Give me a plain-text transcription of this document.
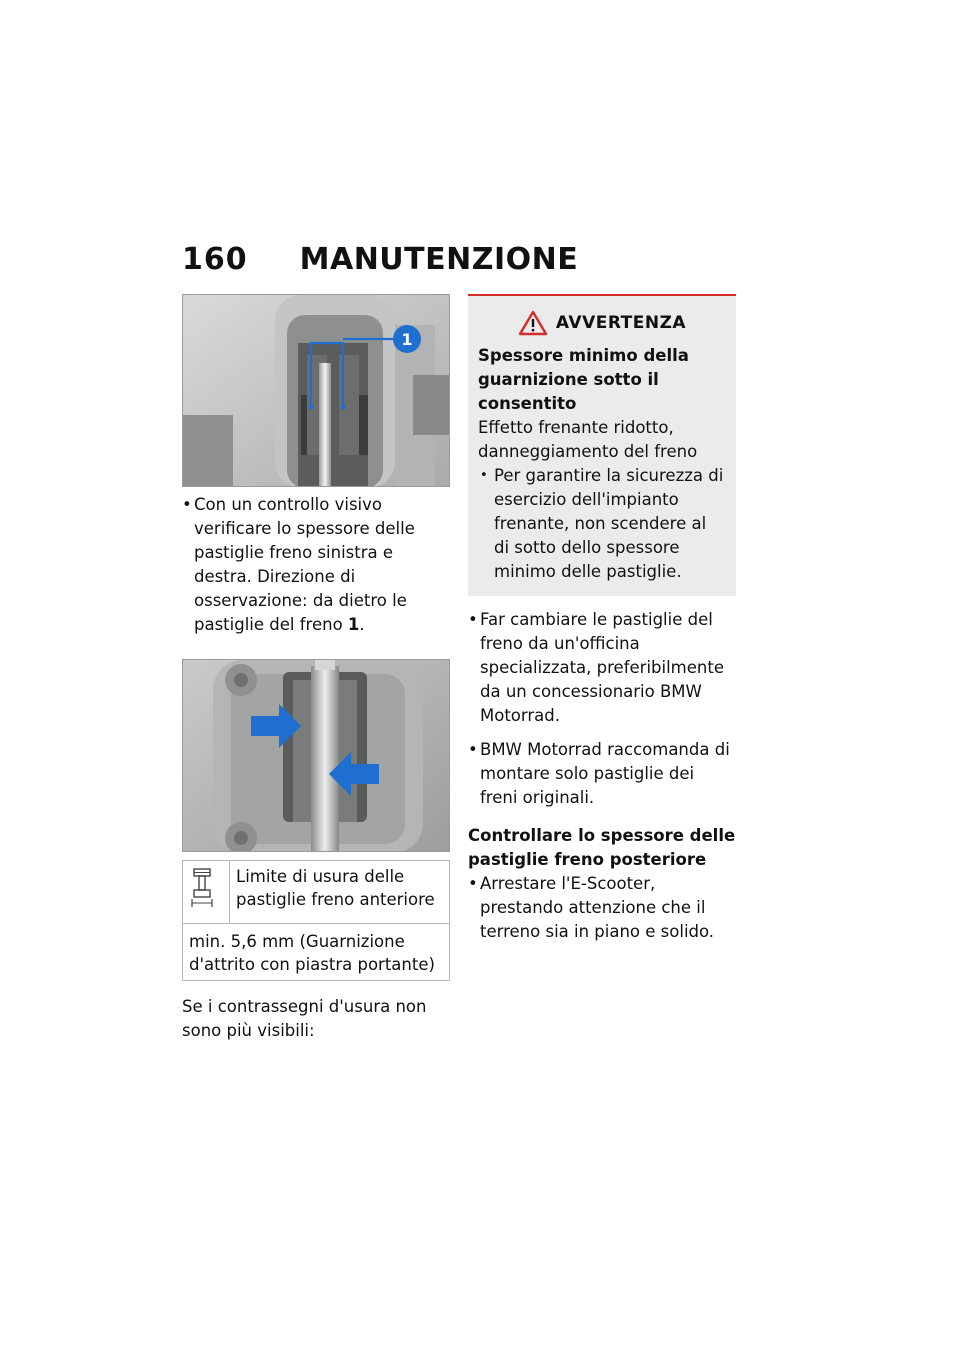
160 MANUTENZIONE
1
• Con un controllo visivo verificare lo spessore delle pastiglie freno sinistra e destra. Direzione di osservazione: da dietro le pastiglie del freno 1.
	Limite di usura delle pastiglie freno anteriore
min. 5,6 mm (Guarnizione d'attrito con piastra portante)
Se i contrassegni d'usura non sono più visibili:
AVVERTENZA
Spessore minimo della guarnizione sotto il consentito
Effetto frenante ridotto, danneggiamento del freno
• Per garantire la sicurezza di esercizio dell'impianto frenante, non scendere al di sotto dello spessore minimo delle pastiglie.
• Far cambiare le pastiglie del freno da un'officina specializzata, preferibilmente da un concessionario BMW Motorrad.
• BMW Motorrad raccomanda di montare solo pastiglie dei freni originali.
Controllare lo spessore delle pastiglie freno posteriore
• Arrestare l'E-Scooter, prestando attenzione che il terreno sia in piano e solido.
